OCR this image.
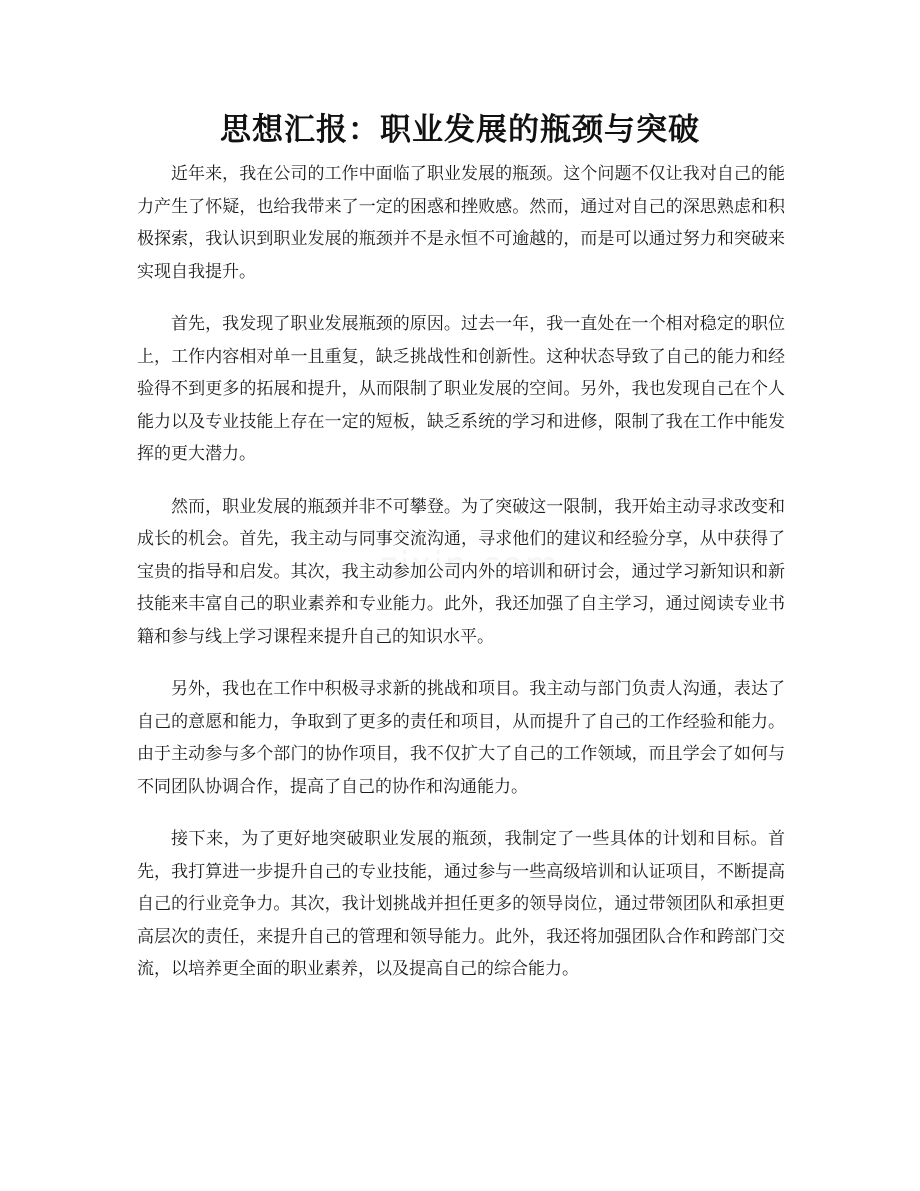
思想汇报：职业发展的瓶颈与突破

近年来，我在公司的工作中面临了职业发展的瓶颈。这个问题不仅让我对自己的能力产生了怀疑，也给我带来了一定的困惑和挫败感。然而，通过对自己的深思熟虑和积极探索，我认识到职业发展的瓶颈并不是永恒不可逾越的，而是可以通过努力和突破来实现自我提升。

首先，我发现了职业发展瓶颈的原因。过去一年，我一直处在一个相对稳定的职位上，工作内容相对单一且重复，缺乏挑战性和创新性。这种状态导致了自己的能力和经验得不到更多的拓展和提升，从而限制了职业发展的空间。另外，我也发现自己在个人能力以及专业技能上存在一定的短板，缺乏系统的学习和进修，限制了我在工作中能发挥的更大潜力。

然而，职业发展的瓶颈并非不可攀登。为了突破这一限制，我开始主动寻求改变和成长的机会。首先，我主动与同事交流沟通，寻求他们的建议和经验分享，从中获得了宝贵的指导和启发。其次，我主动参加公司内外的培训和研讨会，通过学习新知识和新技能来丰富自己的职业素养和专业能力。此外，我还加强了自主学习，通过阅读专业书籍和参与线上学习课程来提升自己的知识水平。

另外，我也在工作中积极寻求新的挑战和项目。我主动与部门负责人沟通，表达了自己的意愿和能力，争取到了更多的责任和项目，从而提升了自己的工作经验和能力。由于主动参与多个部门的协作项目，我不仅扩大了自己的工作领域，而且学会了如何与不同团队协调合作，提高了自己的协作和沟通能力。

接下来，为了更好地突破职业发展的瓶颈，我制定了一些具体的计划和目标。首先，我打算进一步提升自己的专业技能，通过参与一些高级培训和认证项目，不断提高自己的行业竞争力。其次，我计划挑战并担任更多的领导岗位，通过带领团队和承担更高层次的责任，来提升自己的管理和领导能力。此外，我还将加强团队合作和跨部门交流，以培养更全面的职业素养，以及提高自己的综合能力。
